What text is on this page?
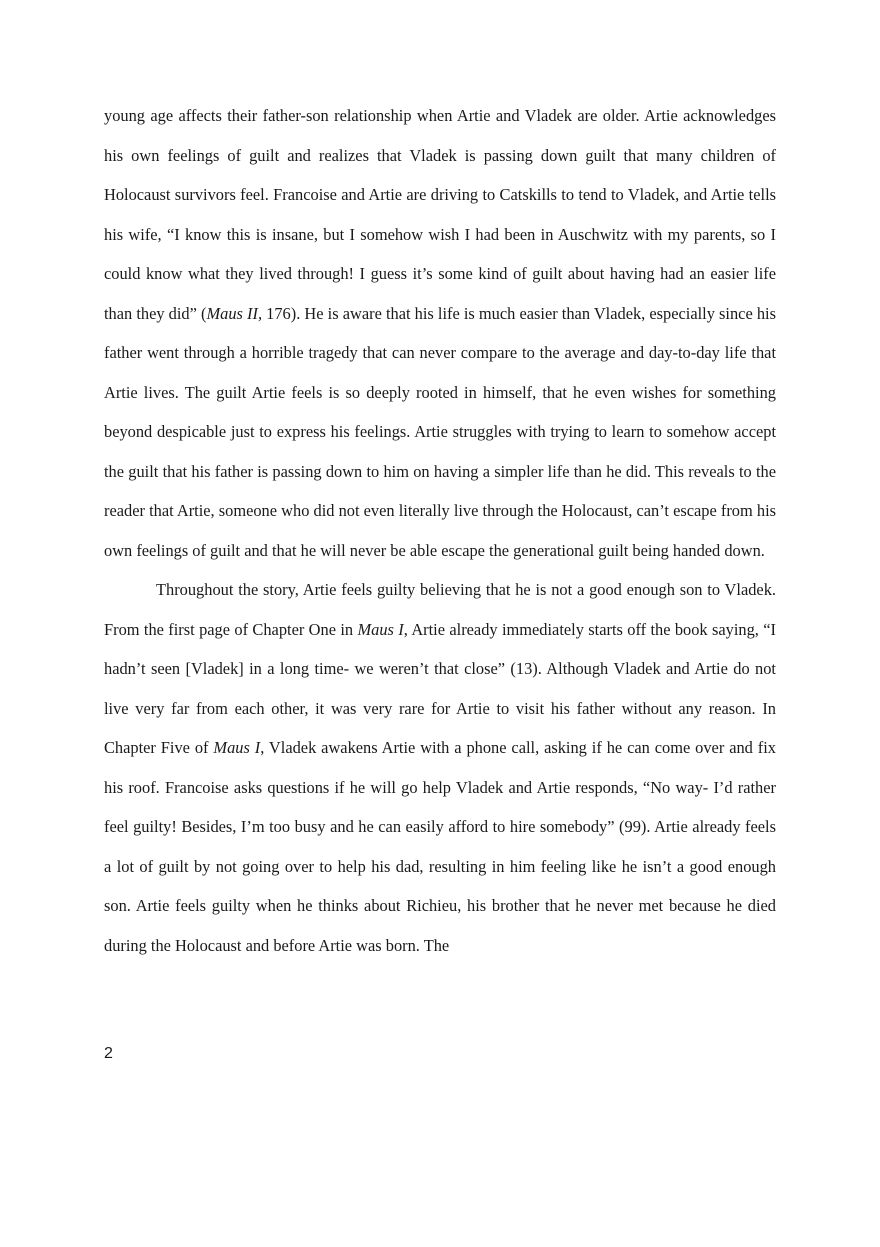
young age affects their father-son relationship when Artie and Vladek are older. Artie acknowledges his own feelings of guilt and realizes that Vladek is passing down guilt that many children of Holocaust survivors feel. Francoise and Artie are driving to Catskills to tend to Vladek, and Artie tells his wife, “I know this is insane, but I somehow wish I had been in Auschwitz with my parents, so I could know what they lived through! I guess it’s some kind of guilt about having had an easier life than they did” (Maus II, 176). He is aware that his life is much easier than Vladek, especially since his father went through a horrible tragedy that can never compare to the average and day-to-day life that Artie lives. The guilt Artie feels is so deeply rooted in himself, that he even wishes for something beyond despicable just to express his feelings. Artie struggles with trying to learn to somehow accept the guilt that his father is passing down to him on having a simpler life than he did. This reveals to the reader that Artie, someone who did not even literally live through the Holocaust, can’t escape from his own feelings of guilt and that he will never be able escape the generational guilt being handed down.

Throughout the story, Artie feels guilty believing that he is not a good enough son to Vladek. From the first page of Chapter One in Maus I, Artie already immediately starts off the book saying, “I hadn’t seen [Vladek] in a long time- we weren’t that close” (13). Although Vladek and Artie do not live very far from each other, it was very rare for Artie to visit his father without any reason. In Chapter Five of Maus I, Vladek awakens Artie with a phone call, asking if he can come over and fix his roof. Francoise asks questions if he will go help Vladek and Artie responds, “No way- I’d rather feel guilty! Besides, I’m too busy and he can easily afford to hire somebody” (99). Artie already feels a lot of guilt by not going over to help his dad, resulting in him feeling like he isn’t a good enough son. Artie feels guilty when he thinks about Richieu, his brother that he never met because he died during the Holocaust and before Artie was born. The

2
